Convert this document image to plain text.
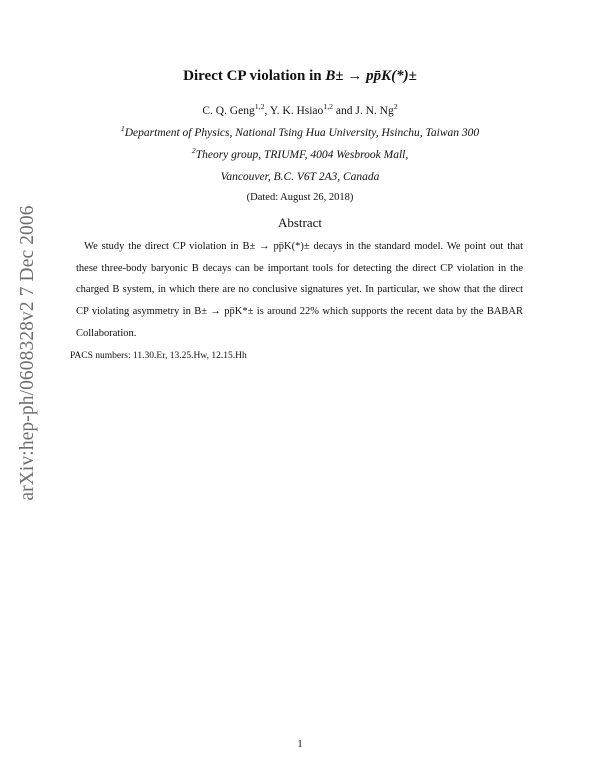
arXiv:hep-ph/0608328v2 7 Dec 2006
Direct CP violation in B± → pp̄K(*)±
C. Q. Geng$^{1,2}$, Y. K. Hsiao$^{1,2}$ and J. N. Ng$^2$
$^1$Department of Physics, National Tsing Hua University, Hsinchu, Taiwan 300
$^2$Theory group, TRIUMF, 4004 Wesbrook Mall,
Vancouver, B.C. V6T 2A3, Canada
(Dated: August 26, 2018)
Abstract
We study the direct CP violation in B± → pp̄K(*)± decays in the standard model. We point out that these three-body baryonic B decays can be important tools for detecting the direct CP violation in the charged B system, in which there are no conclusive signatures yet. In particular, we show that the direct CP violating asymmetry in B± → pp̄K*± is around 22% which supports the recent data by the BABAR Collaboration.
PACS numbers: 11.30.Er, 13.25.Hw, 12.15.Hh
1
